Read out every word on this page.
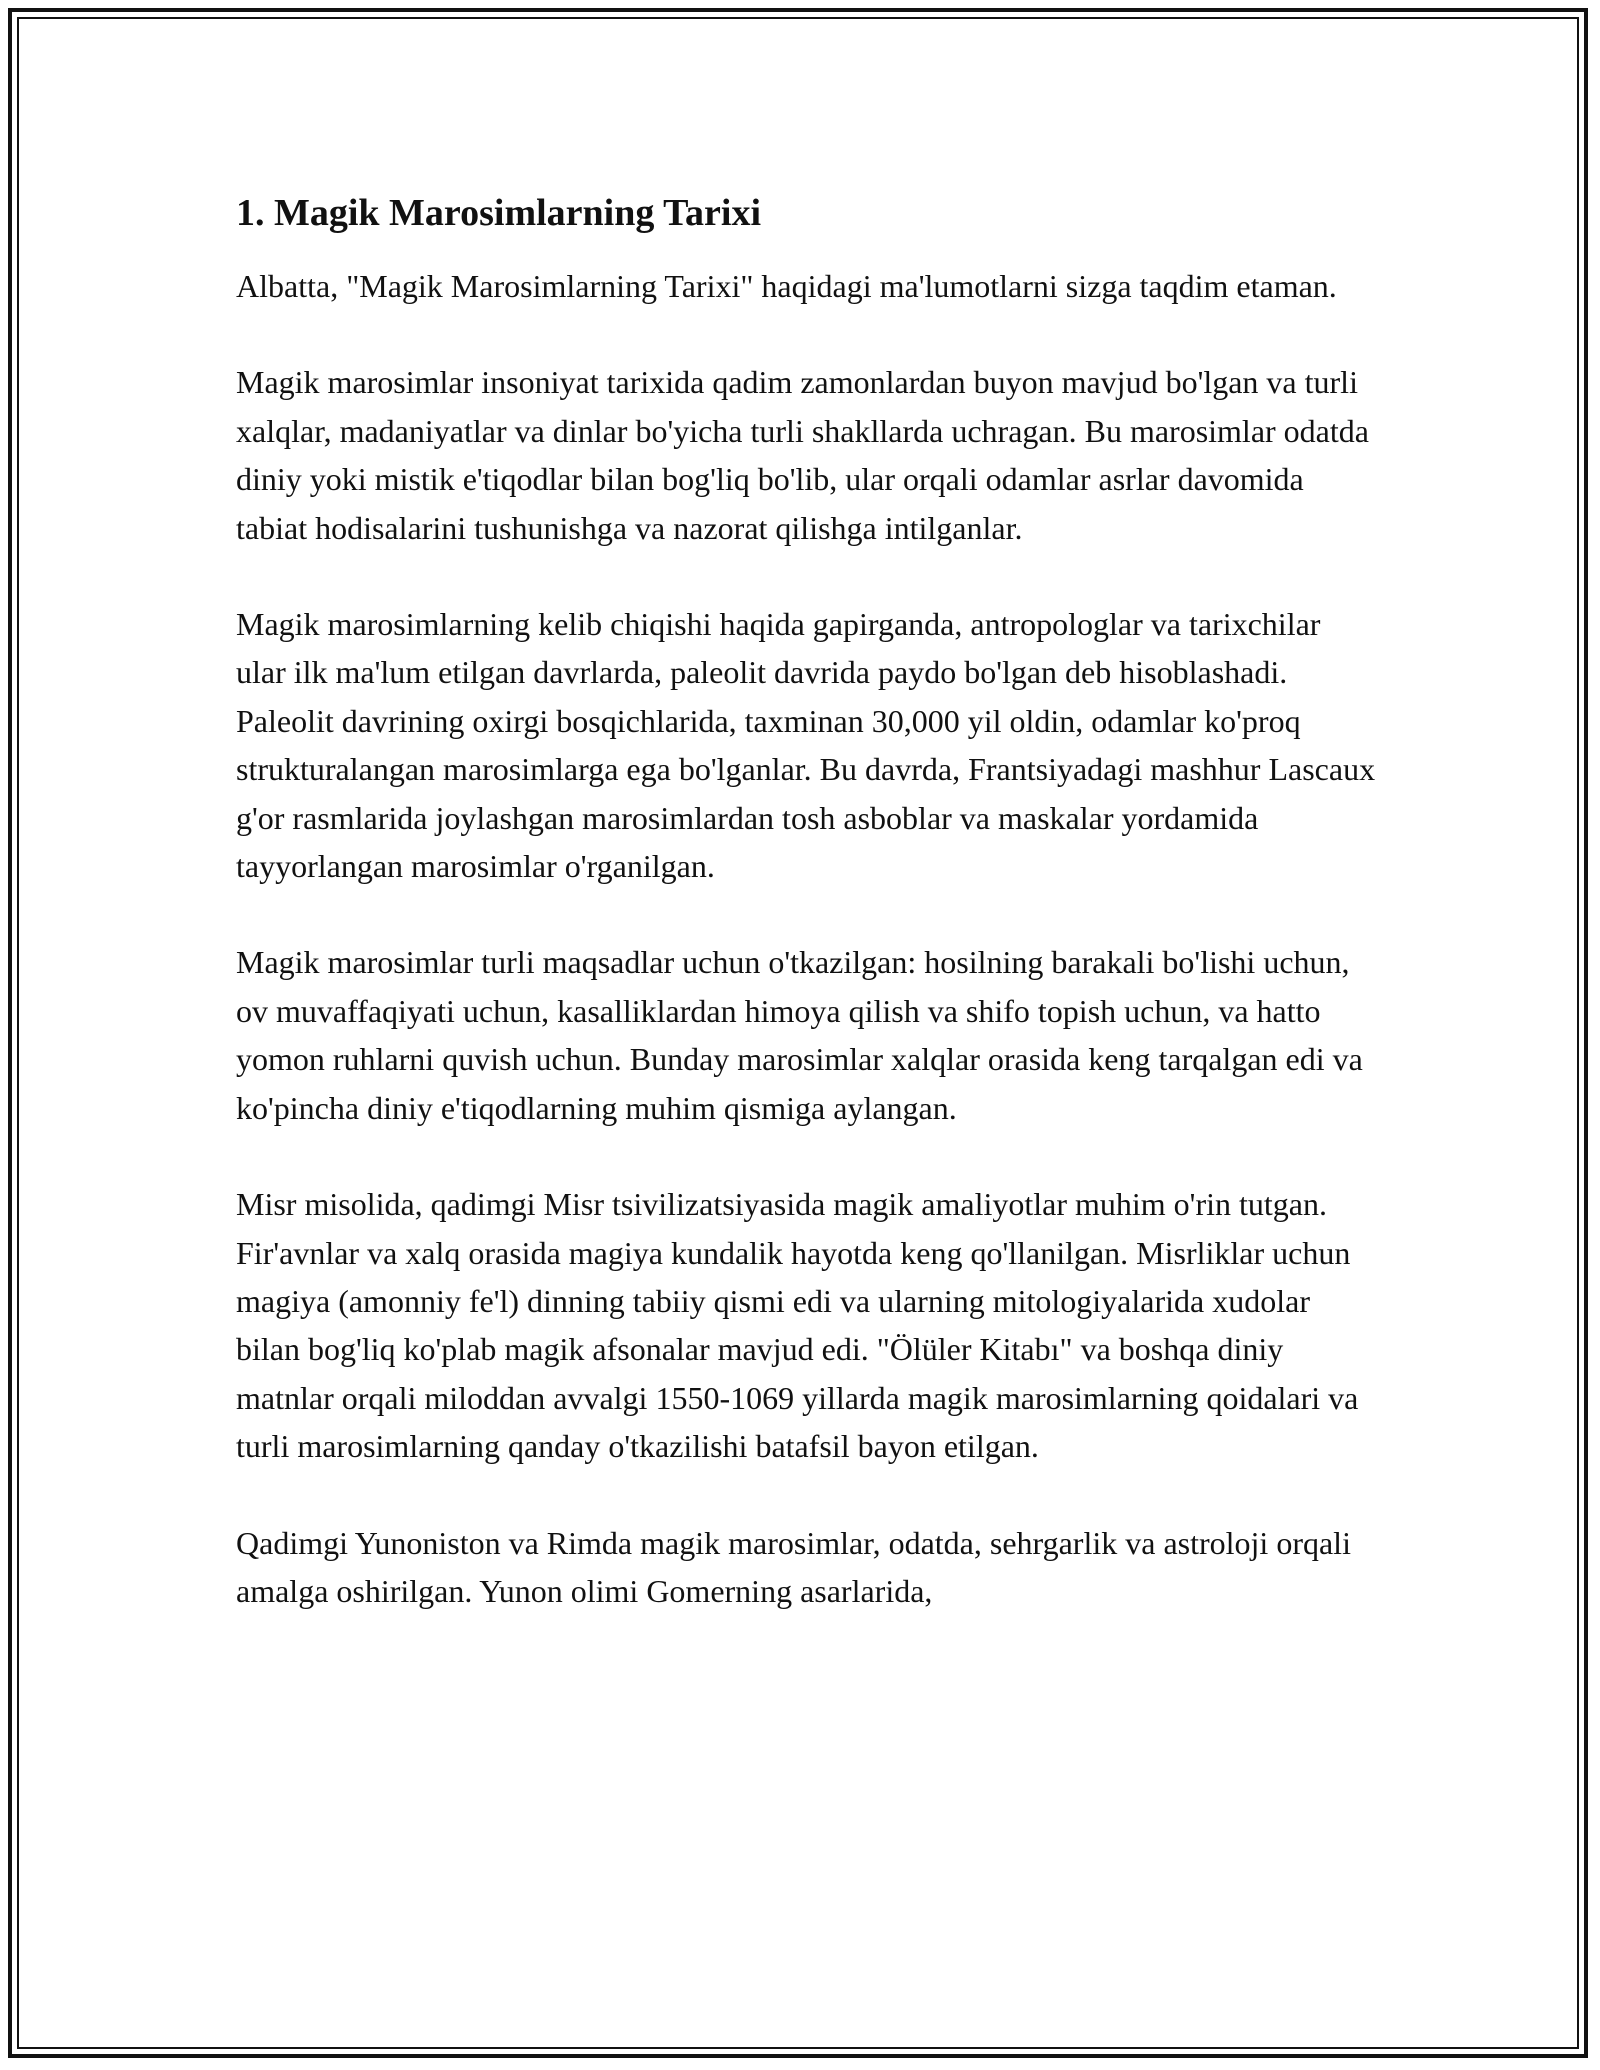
1. Magik Marosimlarning Tarixi

Albatta, "Magik Marosimlarning Tarixi" haqidagi ma'lumotlarni sizga taqdim etaman.

Magik marosimlar insoniyat tarixida qadim zamonlardan buyon mavjud bo'lgan va turli xalqlar, madaniyatlar va dinlar bo'yicha turli shakllarda uchragan. Bu marosimlar odatda diniy yoki mistik e'tiqodlar bilan bog'liq bo'lib, ular orqali odamlar asrlar davomida tabiat hodisalarini tushunishga va nazorat qilishga intilganlar.

Magik marosimlarning kelib chiqishi haqida gapirganda, antropologlar va tarixchilar ular ilk ma'lum etilgan davrlarda, paleolit davrida paydo bo'lgan deb hisoblashadi. Paleolit davrining oxirgi bosqichlarida, taxminan 30,000 yil oldin, odamlar ko'proq strukturalangan marosimlarga ega bo'lganlar. Bu davrda, Frantsiyadagi mashhur Lascaux g'or rasmlarida joylashgan marosimlardan tosh asboblar va maskalar yordamida tayyorlangan marosimlar o'rganilgan.

Magik marosimlar turli maqsadlar uchun o'tkazilgan: hosilning barakali bo'lishi uchun, ov muvaffaqiyati uchun, kasalliklardan himoya qilish va shifo topish uchun, va hatto yomon ruhlarni quvish uchun. Bunday marosimlar xalqlar orasida keng tarqalgan edi va ko'pincha diniy e'tiqodlarning muhim qismiga aylangan.

Misr misolida, qadimgi Misr tsivilizatsiyasida magik amaliyotlar muhim o'rin tutgan. Fir'avnlar va xalq orasida magiya kundalik hayotda keng qo'llanilgan. Misrliklar uchun magiya (amonniy fe'l) dinning tabiiy qismi edi va ularning mitologiyalarida xudolar bilan bog'liq ko'plab magik afsonalar mavjud edi. "Ölüler Kitabı" va boshqa diniy matnlar orqali miloddan avvalgi 1550-1069 yillarda magik marosimlarning qoidalari va turli marosimlarning qanday o'tkazilishi batafsil bayon etilgan.

Qadimgi Yunoniston va Rimda magik marosimlar, odatda, sehrgarlik va astroloji orqali amalga oshirilgan. Yunon olimi Gomerning asarlarida,
